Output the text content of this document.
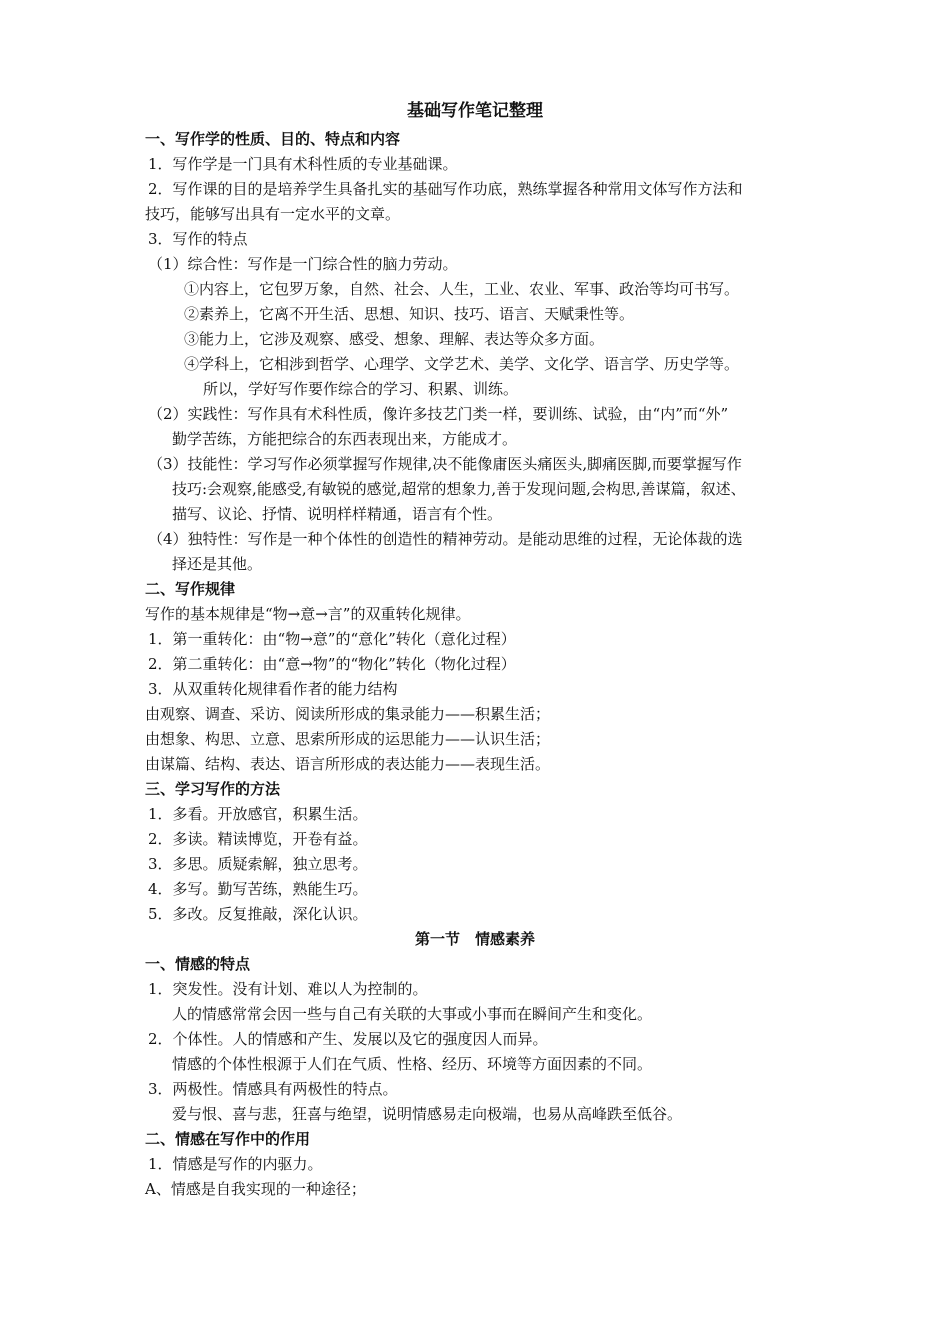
基础写作笔记整理
一、写作学的性质、目的、特点和内容
1．写作学是一门具有术科性质的专业基础课。
2．写作课的目的是培养学生具备扎实的基础写作功底，熟练掌握各种常用文体写作方法和
技巧，能够写出具有一定水平的文章。
3．写作的特点
（1）综合性：写作是一门综合性的脑力劳动。
①内容上，它包罗万象，自然、社会、人生，工业、农业、军事、政治等均可书写。
②素养上，它离不开生活、思想、知识、技巧、语言、天赋秉性等。
③能力上，它涉及观察、感受、想象、理解、表达等众多方面。
④学科上，它相涉到哲学、心理学、文学艺术、美学、文化学、语言学、历史学等。
所以，学好写作要作综合的学习、积累、训练。
（2）实践性：写作具有术科性质，像许多技艺门类一样，要训练、试验，由“内”而“外”
勤学苦练，方能把综合的东西表现出来，方能成才。
（3）技能性：学习写作必须掌握写作规律,决不能像庸医头痛医头,脚痛医脚,而要掌握写作
技巧:会观察,能感受,有敏锐的感觉,超常的想象力,善于发现问题,会构思,善谋篇，叙述、
描写、议论、抒情、说明样样精通，语言有个性。
（4）独特性：写作是一种个体性的创造性的精神劳动。是能动思维的过程，无论体裁的选
择还是其他。
二、写作规律
写作的基本规律是“物→意→言”的双重转化规律。
1．第一重转化：由“物→意”的“意化”转化（意化过程）
2．第二重转化：由“意→物”的“物化”转化（物化过程）
3．从双重转化规律看作者的能力结构
由观察、调查、采访、阅读所形成的集录能力——积累生活；
由想象、构思、立意、思索所形成的运思能力——认识生活；
由谋篇、结构、表达、语言所形成的表达能力——表现生活。
三、学习写作的方法
1．多看。开放感官，积累生活。
2．多读。精读博览，开卷有益。
3．多思。质疑索解，独立思考。
4．多写。勤写苦练，熟能生巧。
5．多改。反复推敲，深化认识。
第一节　情感素养
一、情感的特点
1．突发性。没有计划、难以人为控制的。
人的情感常常会因一些与自己有关联的大事或小事而在瞬间产生和变化。
2．个体性。人的情感和产生、发展以及它的强度因人而异。
情感的个体性根源于人们在气质、性格、经历、环境等方面因素的不同。
3．两极性。情感具有两极性的特点。
爱与恨、喜与悲，狂喜与绝望，说明情感易走向极端，也易从高峰跌至低谷。
二、情感在写作中的作用
1．情感是写作的内驱力。
A、情感是自我实现的一种途径；
